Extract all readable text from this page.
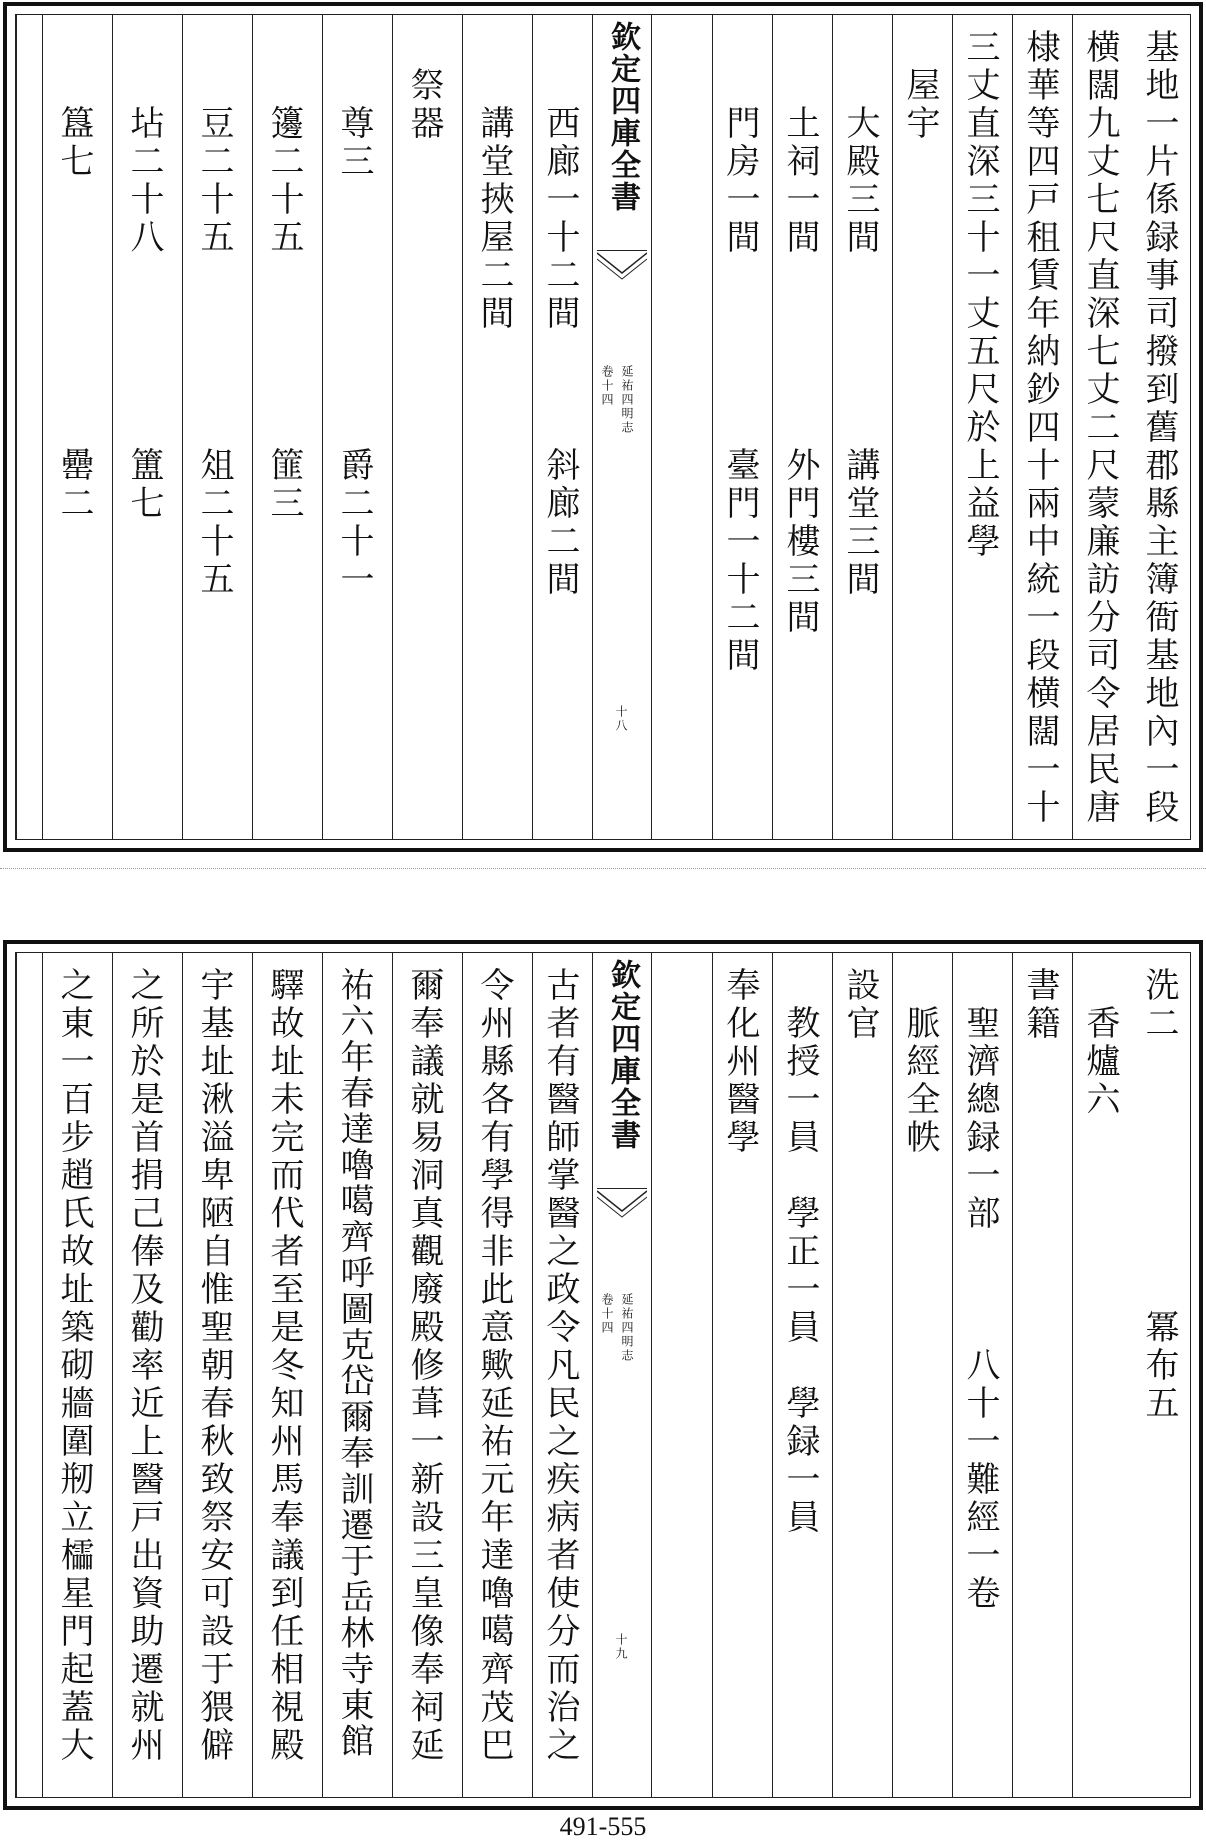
基地一片係録事司撥到舊郡縣主簿衙基地內一段
横闊九丈七尺直深七丈二尺蒙廉訪分司令居民唐
棣華等四戸租賃年納鈔四十兩中統一段横闊一十
三丈直深三十一丈五尺於上益學
屋宇
大殿三間　　　　　講堂三間
土祠一間　　　　　外門樓三間
門房一間　　　　　臺門一十二間
欽定四庫全書
延祐四明志
卷十四
十八
西廊一十二間　　　斜廊二間
講堂挾屋二間
祭器
尊三　　　　　　　爵二十一
籩二十五　　　　　篚三
豆二十五　　　　　俎二十五
坫二十八　　　　　簠七
簋七　　　　　　　罍二
洗二　　　　　　　冪布五
香爐六
書籍
聖濟總録一部　　　八十一難經一卷
脈經全帙
設官
教授一員　學正一員　學録一員
奉化州醫學
欽定四庫全書
延祐四明志
卷十四
十九
古者有醫師掌醫之政令凡民之疾病者使分而治之
令州縣各有學得非此意歟延祐元年達嚕噶齊茂巴
爾奉議就易洞真觀廢殿修葺一新設三皇像奉祠延
祐六年春達嚕噶齊呼圖克岱爾奉訓遷于岳林寺東館
驛故址未完而代者至是冬知州馬奉議到任相視殿
宇基址湫溢卑陋自惟聖朝春秋致祭安可設于猥僻
之所於是首捐己俸及勸率近上醫戸出資助遷就州
之東一百步趙氏故址築砌牆圍剏立櫺星門起蓋大
491-555
